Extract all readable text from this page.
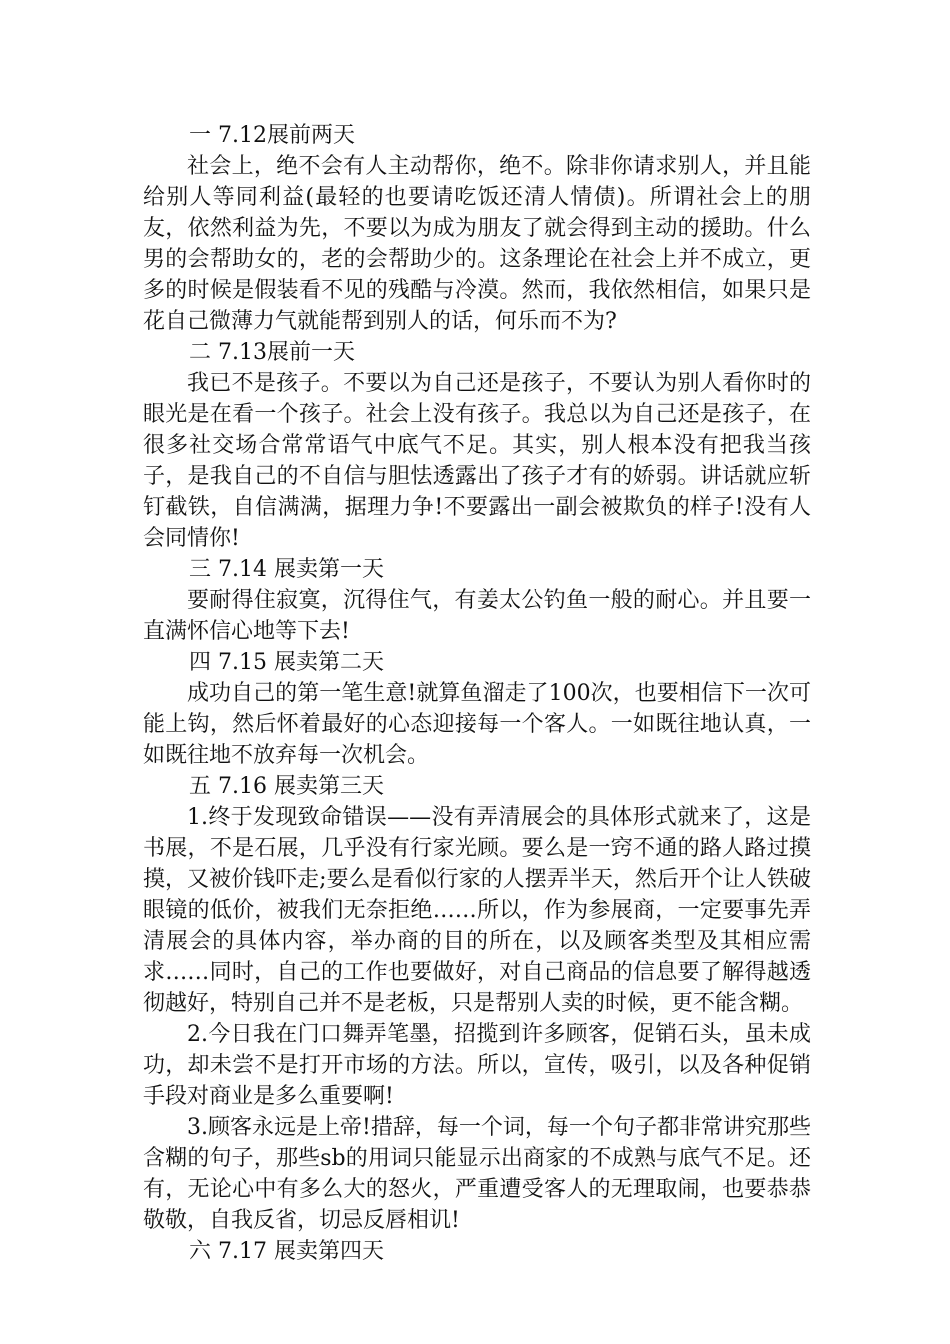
一 7.12展前两天

社会上，绝不会有人主动帮你，绝不。除非你请求别人，并且能给别人等同利益(最轻的也要请吃饭还清人情债)。所谓社会上的朋友，依然利益为先，不要以为成为朋友了就会得到主动的援助。什么男的会帮助女的，老的会帮助少的。这条理论在社会上并不成立，更多的时候是假装看不见的残酷与冷漠。然而，我依然相信，如果只是花自己微薄力气就能帮到别人的话，何乐而不为?

二 7.13展前一天

我已不是孩子。不要以为自己还是孩子，不要认为别人看你时的眼光是在看一个孩子。社会上没有孩子。我总以为自己还是孩子，在很多社交场合常常语气中底气不足。其实，别人根本没有把我当孩子，是我自己的不自信与胆怯透露出了孩子才有的娇弱。讲话就应斩钉截铁，自信满满，据理力争!不要露出一副会被欺负的样子!没有人会同情你!

三 7.14 展卖第一天

要耐得住寂寞，沉得住气，有姜太公钓鱼一般的耐心。并且要一直满怀信心地等下去!

四 7.15 展卖第二天

成功自己的第一笔生意!就算鱼溜走了100次，也要相信下一次可能上钩，然后怀着最好的心态迎接每一个客人。一如既往地认真，一如既往地不放弃每一次机会。

五 7.16 展卖第三天

1.终于发现致命错误——没有弄清展会的具体形式就来了，这是书展，不是石展，几乎没有行家光顾。要么是一窍不通的路人路过摸摸，又被价钱吓走;要么是看似行家的人摆弄半天，然后开个让人铁破眼镜的低价，被我们无奈拒绝……所以，作为参展商，一定要事先弄清展会的具体内容，举办商的目的所在，以及顾客类型及其相应需求……同时，自己的工作也要做好，对自己商品的信息要了解得越透彻越好，特别自己并不是老板，只是帮别人卖的时候，更不能含糊。

2.今日我在门口舞弄笔墨，招揽到许多顾客，促销石头，虽未成功，却未尝不是打开市场的方法。所以，宣传，吸引，以及各种促销手段对商业是多么重要啊!

3.顾客永远是上帝!措辞，每一个词，每一个句子都非常讲究那些含糊的句子，那些sb的用词只能显示出商家的不成熟与底气不足。还有，无论心中有多么大的怒火，严重遭受客人的无理取闹，也要恭恭敬敬，自我反省，切忌反唇相讥!

六 7.17 展卖第四天
